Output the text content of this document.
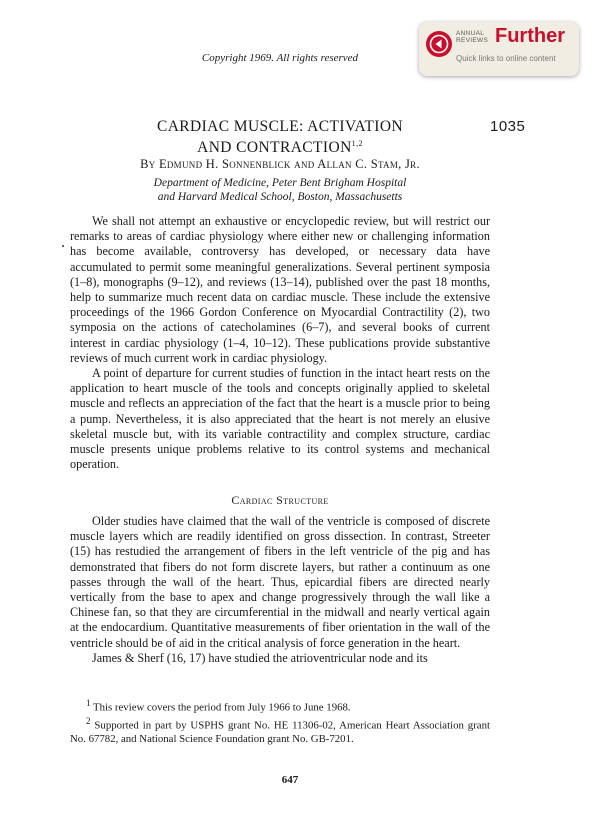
Copyright 1969. All rights reserved
ANNUAL
REVIEWS Further
Quick links to online content
1035
CARDIAC MUSCLE: ACTIVATION
AND CONTRACTION$^{1,2}$
By Edmund H. Sonnenblick and Allan C. Stam, Jr.
Department of Medicine, Peter Bent Brigham Hospital
and Harvard Medical School, Boston, Massachusetts

We shall not attempt an exhaustive or encyclopedic review, but will restrict our remarks to areas of cardiac physiology where either new or challenging information has become available, controversy has developed, or necessary data have accumulated to permit some meaningful generalizations. Several pertinent symposia (1–8), monographs (9–12), and reviews (13–14), published over the past 18 months, help to summarize much recent data on cardiac muscle. These include the extensive proceedings of the 1966 Gordon Conference on Myocardial Contractility (2), two symposia on the actions of catecholamines (6–7), and several books of current interest in cardiac physiology (1–4, 10–12). These publications provide substantive reviews of much current work in cardiac physiology.

A point of departure for current studies of function in the intact heart rests on the application to heart muscle of the tools and concepts originally applied to skeletal muscle and reflects an appreciation of the fact that the heart is a muscle prior to being a pump. Nevertheless, it is also appreciated that the heart is not merely an elusive skeletal muscle but, with its variable contractility and complex structure, cardiac muscle presents unique problems relative to its control systems and mechanical operation.

Cardiac Structure

Older studies have claimed that the wall of the ventricle is composed of discrete muscle layers which are readily identified on gross dissection. In contrast, Streeter (15) has restudied the arrangement of fibers in the left ventricle of the pig and has demonstrated that fibers do not form discrete layers, but rather a continuum as one passes through the wall of the heart. Thus, epicardial fibers are directed nearly vertically from the base to apex and change progressively through the wall like a Chinese fan, so that they are circumferential in the midwall and nearly vertical again at the endocardium. Quantitative measurements of fiber orientation in the wall of the ventricle should be of aid in the critical analysis of force generation in the heart.

James & Sherf (16, 17) have studied the atrioventricular node and its

$^1$ This review covers the period from July 1966 to June 1968.

$^2$ Supported in part by USPHS grant No. HE 11306-02, American Heart Association grant No. 67782, and National Science Foundation grant No. GB-7201.

647
